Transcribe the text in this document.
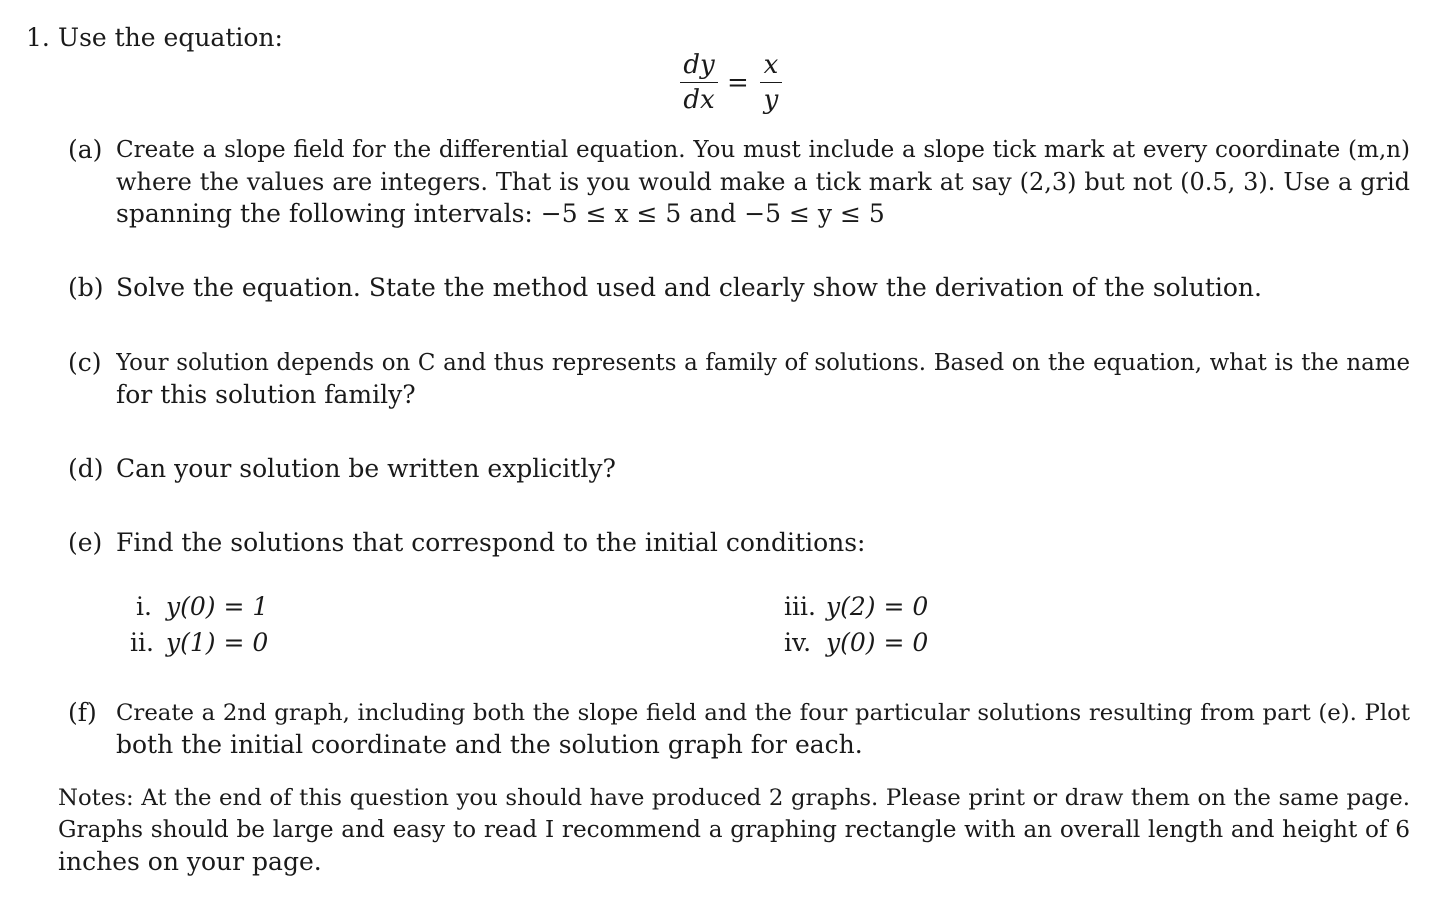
1. Use the equation:
dy
dx
=
x
y
(a) Create a slope field for the differential equation. You must include a slope tick mark at every coordinate (m,n)
where the values are integers. That is you would make a tick mark at say (2,3) but not (0.5, 3). Use a grid
spanning the following intervals: −5 ≤ x ≤ 5 and −5 ≤ y ≤ 5
(b) Solve the equation. State the method used and clearly show the derivation of the solution.
(c) Your solution depends on C and thus represents a family of solutions. Based on the equation, what is the name
for this solution family?
(d) Can your solution be written explicitly?
(e) Find the solutions that correspond to the initial conditions:
i. y(0) = 1
ii. y(1) = 0
iii. y(2) = 0
iv. y(0) = 0
(f) Create a 2nd graph, including both the slope field and the four particular solutions resulting from part (e). Plot
both the initial coordinate and the solution graph for each.
Notes: At the end of this question you should have produced 2 graphs. Please print or draw them on the same page.
Graphs should be large and easy to read I recommend a graphing rectangle with an overall length and height of 6
inches on your page.
